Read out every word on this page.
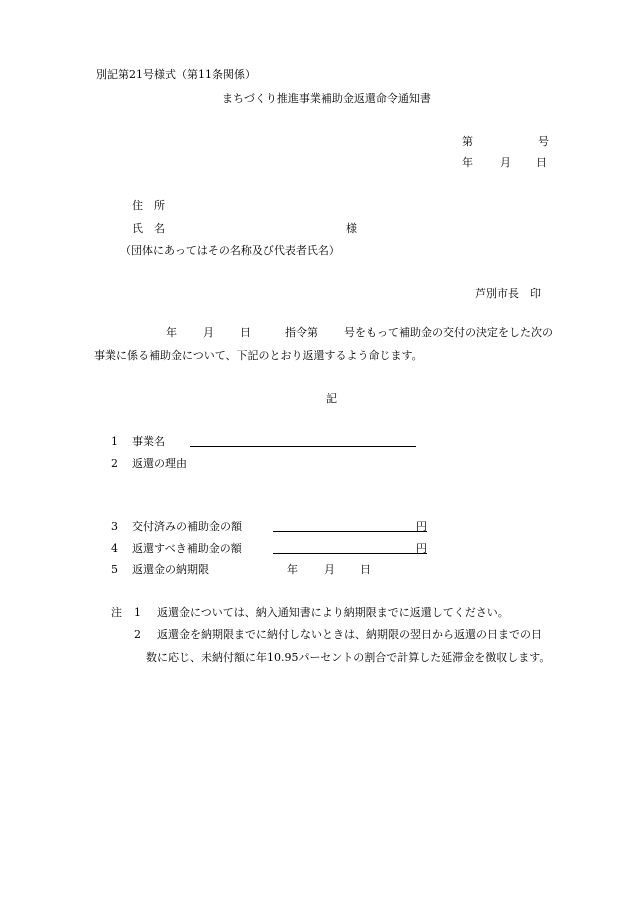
別記第21号様式（第11条関係）
まちづくり推進事業補助金返還命令通知書
第	号
年 月 日
住　所
氏　名	様
（団体にあってはその名称及び代表者氏名）
芦別市長 印
年 月 日	指令第 号をもって補助金の交付の決定をした次の
事業に係る補助金について、下記のとおり返還するよう命じます。
記
1 事業名
2 返還の理由
3 交付済みの補助金の額	円
4 返還すべき補助金の額	円
5 返還金の納期限	年 月 日
注 1 返還金については、納入通知書により納期限までに返還してください。
2 返還金を納期限までに納付しないときは、納期限の翌日から返還の日までの日
数に応じ、未納付額に年10.95パーセントの割合で計算した延滞金を徴収します。
